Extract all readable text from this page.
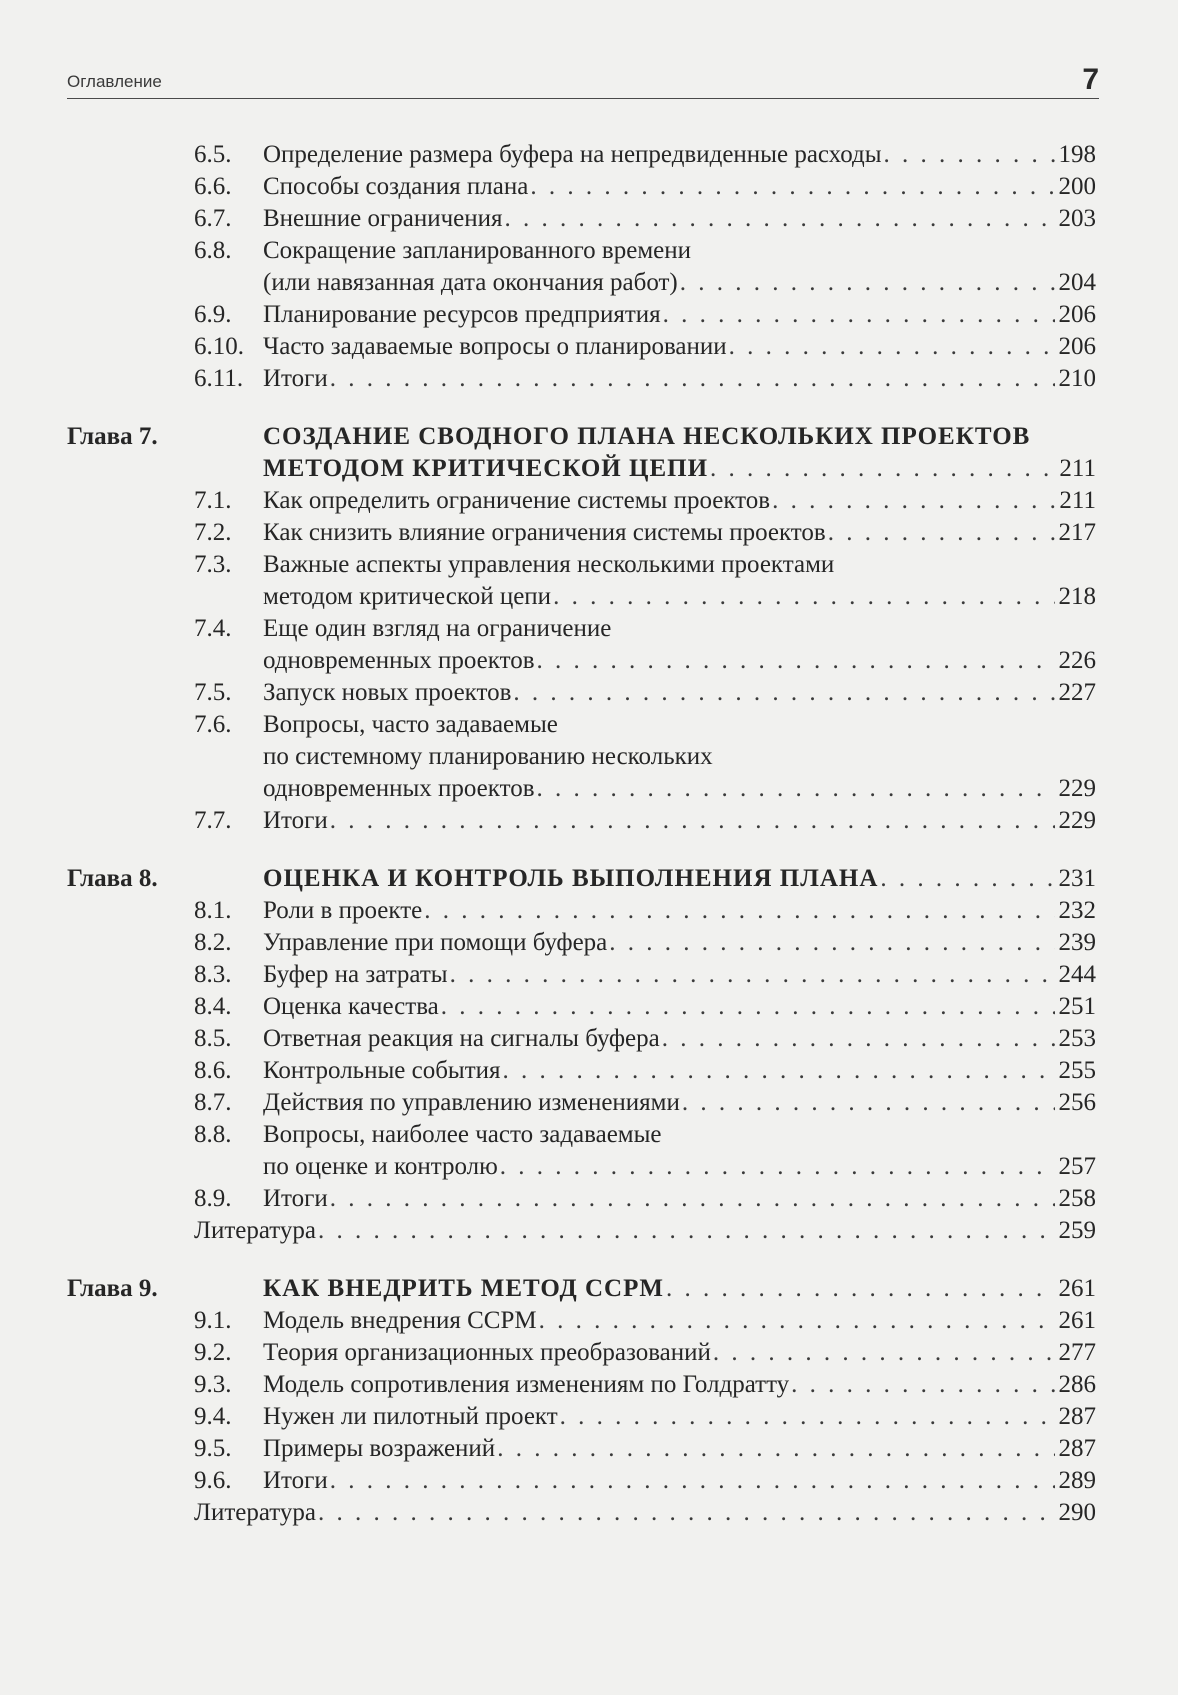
Оглавление	7
6.5. Определение размера буфера на непредвиденные расходы . . .	198
6.6. Способы создания плана . . .	200
6.7. Внешние ограничения . . .	203
6.8. Сокращение запланированного времени
(или навязанная дата окончания работ) . . .	204
6.9. Планирование ресурсов предприятия . . .	206
6.10. Часто задаваемые вопросы о планировании . . .	206
6.11. Итоги . . .	210
Глава 7.	СОЗДАНИЕ СВОДНОГО ПЛАНА НЕСКОЛЬКИХ ПРОЕКТОВ
МЕТОДОМ КРИТИЧЕСКОЙ ЦЕПИ . . .	211
7.1. Как определить ограничение системы проектов . . .	211
7.2. Как снизить влияние ограничения системы проектов . . .	217
7.3. Важные аспекты управления несколькими проектами
методом критической цепи . . .	218
7.4. Еще один взгляд на ограничение
одновременных проектов . . .	226
7.5. Запуск новых проектов . . .	227
7.6. Вопросы, часто задаваемые
по системному планированию нескольких
одновременных проектов . . .	229
7.7. Итоги . . .	229
Глава 8.	ОЦЕНКА И КОНТРОЛЬ ВЫПОЛНЕНИЯ ПЛАНА . . .	231
8.1. Роли в проекте . . .	232
8.2. Управление при помощи буфера . . .	239
8.3. Буфер на затраты . . .	244
8.4. Оценка качества . . .	251
8.5. Ответная реакция на сигналы буфера . . .	253
8.6. Контрольные события . . .	255
8.7. Действия по управлению изменениями . . .	256
8.8. Вопросы, наиболее часто задаваемые
по оценке и контролю . . .	257
8.9. Итоги . . .	258
Литература . . .	259
Глава 9.	КАК ВНЕДРИТЬ МЕТОД CCPM . . .	261
9.1. Модель внедрения CCPM . . .	261
9.2. Теория организационных преобразований . . .	277
9.3. Модель сопротивления изменениям по Голдратту . . .	286
9.4. Нужен ли пилотный проект . . .	287
9.5. Примеры возражений . . .	287
9.6. Итоги . . .	289
Литература . . .	290
